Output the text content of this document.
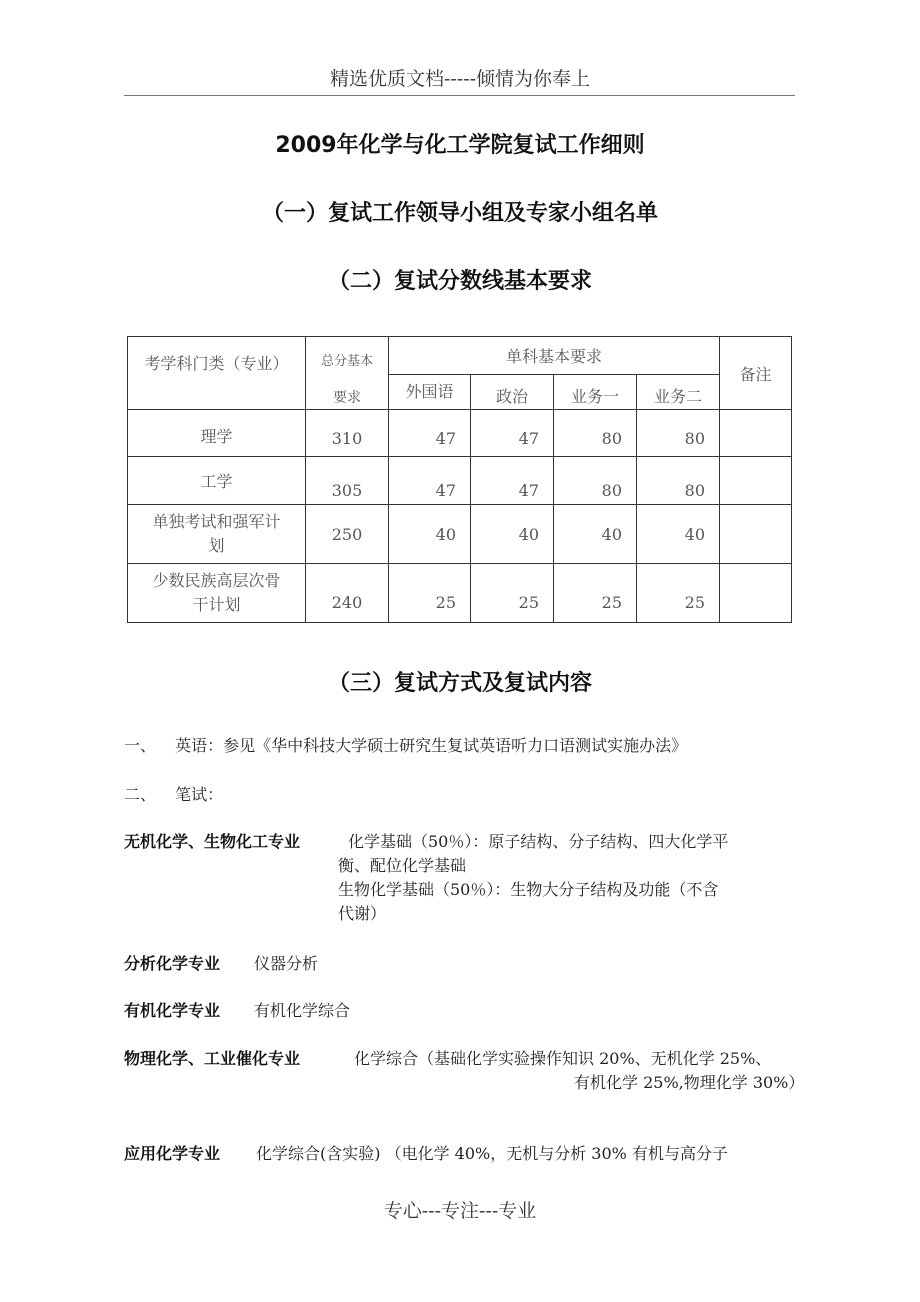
精选优质文档-----倾情为你奉上
2009年化学与化工学院复试工作细则
（一）复试工作领导小组及专家小组名单
（二）复试分数线基本要求
考学科门类（专业）	总分基本	单科基本要求				备注
	要求	外国语	政治	业务一	业务二	
理学	310	47	47	80	80	
工学	305	47	47	80	80	

单独考试和强军计
划	250	40	40	40	40	

少数民族高层次骨
干计划	240	25	25	25	25	
（三）复试方式及复试内容
一、 英语：参见《华中科技大学硕士研究生复试英语听力口语测试实施办法》
二、 笔试：
无机化学、生物化工专业	化学基础（50％）：原子结构、分子结构、四大化学平
衡、配位化学基础
生物化学基础（50％）：生物大分子结构及功能（不含
代谢）
分析化学专业 仪器分析
有机化学专业 有机化学综合
物理化学、工业催化专业	化学综合（基础化学实验操作知识 20%、无机化学 25%、
有机化学 25%,物理化学 30%）
应用化学专业 化学综合(含实验) （电化学 40%，无机与分析 30% 有机与高分子
专心---专注---专业
